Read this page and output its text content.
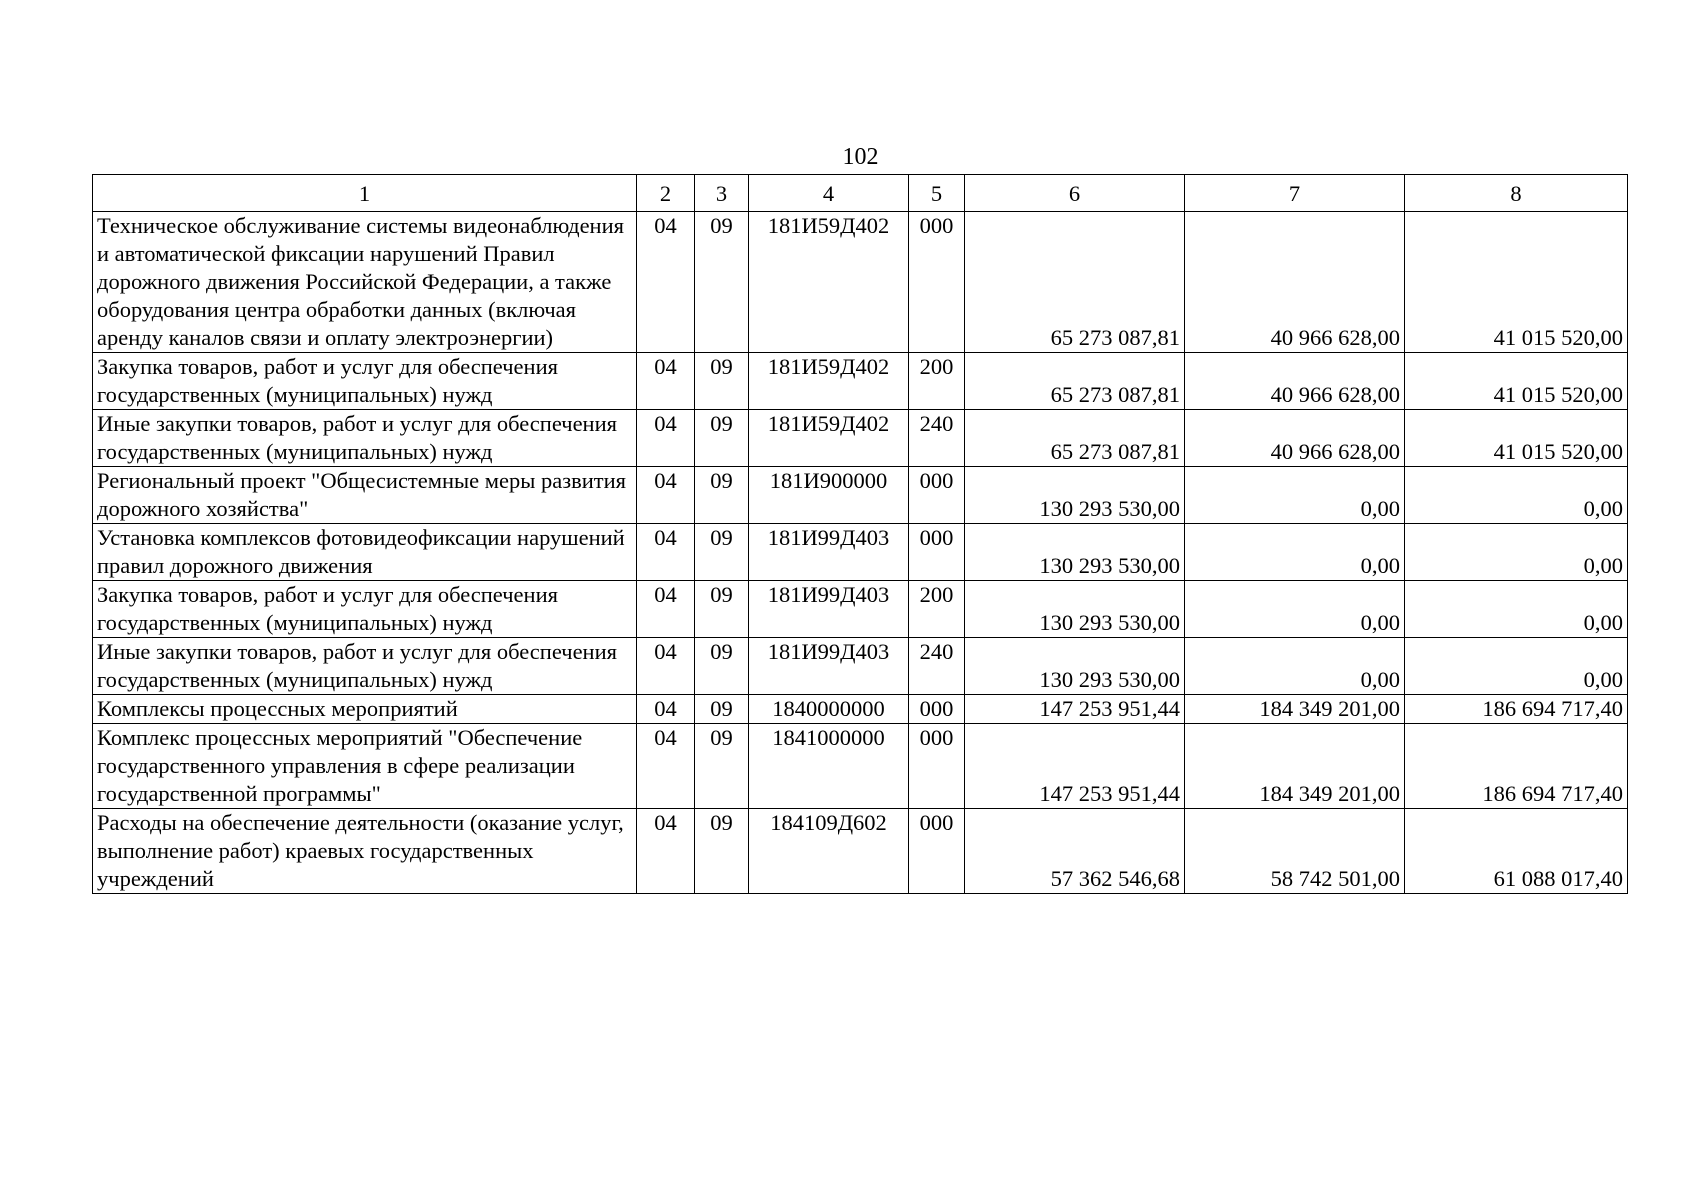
102
1	2	3	4	5	6	7	8
Техническое обслуживание системы видеонаблюдения и автоматической фиксации нарушений Правил дорожного движения Российской Федерации, а также оборудования центра обработки данных (включая аренду каналов связи и оплату электроэнергии)	04	09	181И59Д402	000	65 273 087,81	40 966 628,00	41 015 520,00
Закупка товаров, работ и услуг для обеспечения государственных (муниципальных) нужд	04	09	181И59Д402	200	65 273 087,81	40 966 628,00	41 015 520,00
Иные закупки товаров, работ и услуг для обеспечения государственных (муниципальных) нужд	04	09	181И59Д402	240	65 273 087,81	40 966 628,00	41 015 520,00
Региональный проект "Общесистемные меры развития дорожного хозяйства"	04	09	181И900000	000	130 293 530,00	0,00	0,00
Установка комплексов фотовидеофиксации нарушений правил дорожного движения	04	09	181И99Д403	000	130 293 530,00	0,00	0,00
Закупка товаров, работ и услуг для обеспечения государственных (муниципальных) нужд	04	09	181И99Д403	200	130 293 530,00	0,00	0,00
Иные закупки товаров, работ и услуг для обеспечения государственных (муниципальных) нужд	04	09	181И99Д403	240	130 293 530,00	0,00	0,00
Комплексы процессных мероприятий	04	09	1840000000	000	147 253 951,44	184 349 201,00	186 694 717,40
Комплекс процессных мероприятий "Обеспечение государственного управления в сфере реализации государственной программы"	04	09	1841000000	000	147 253 951,44	184 349 201,00	186 694 717,40
Расходы на обеспечение деятельности (оказание услуг, выполнение работ) краевых государственных учреждений	04	09	184109Д602	000	57 362 546,68	58 742 501,00	61 088 017,40
